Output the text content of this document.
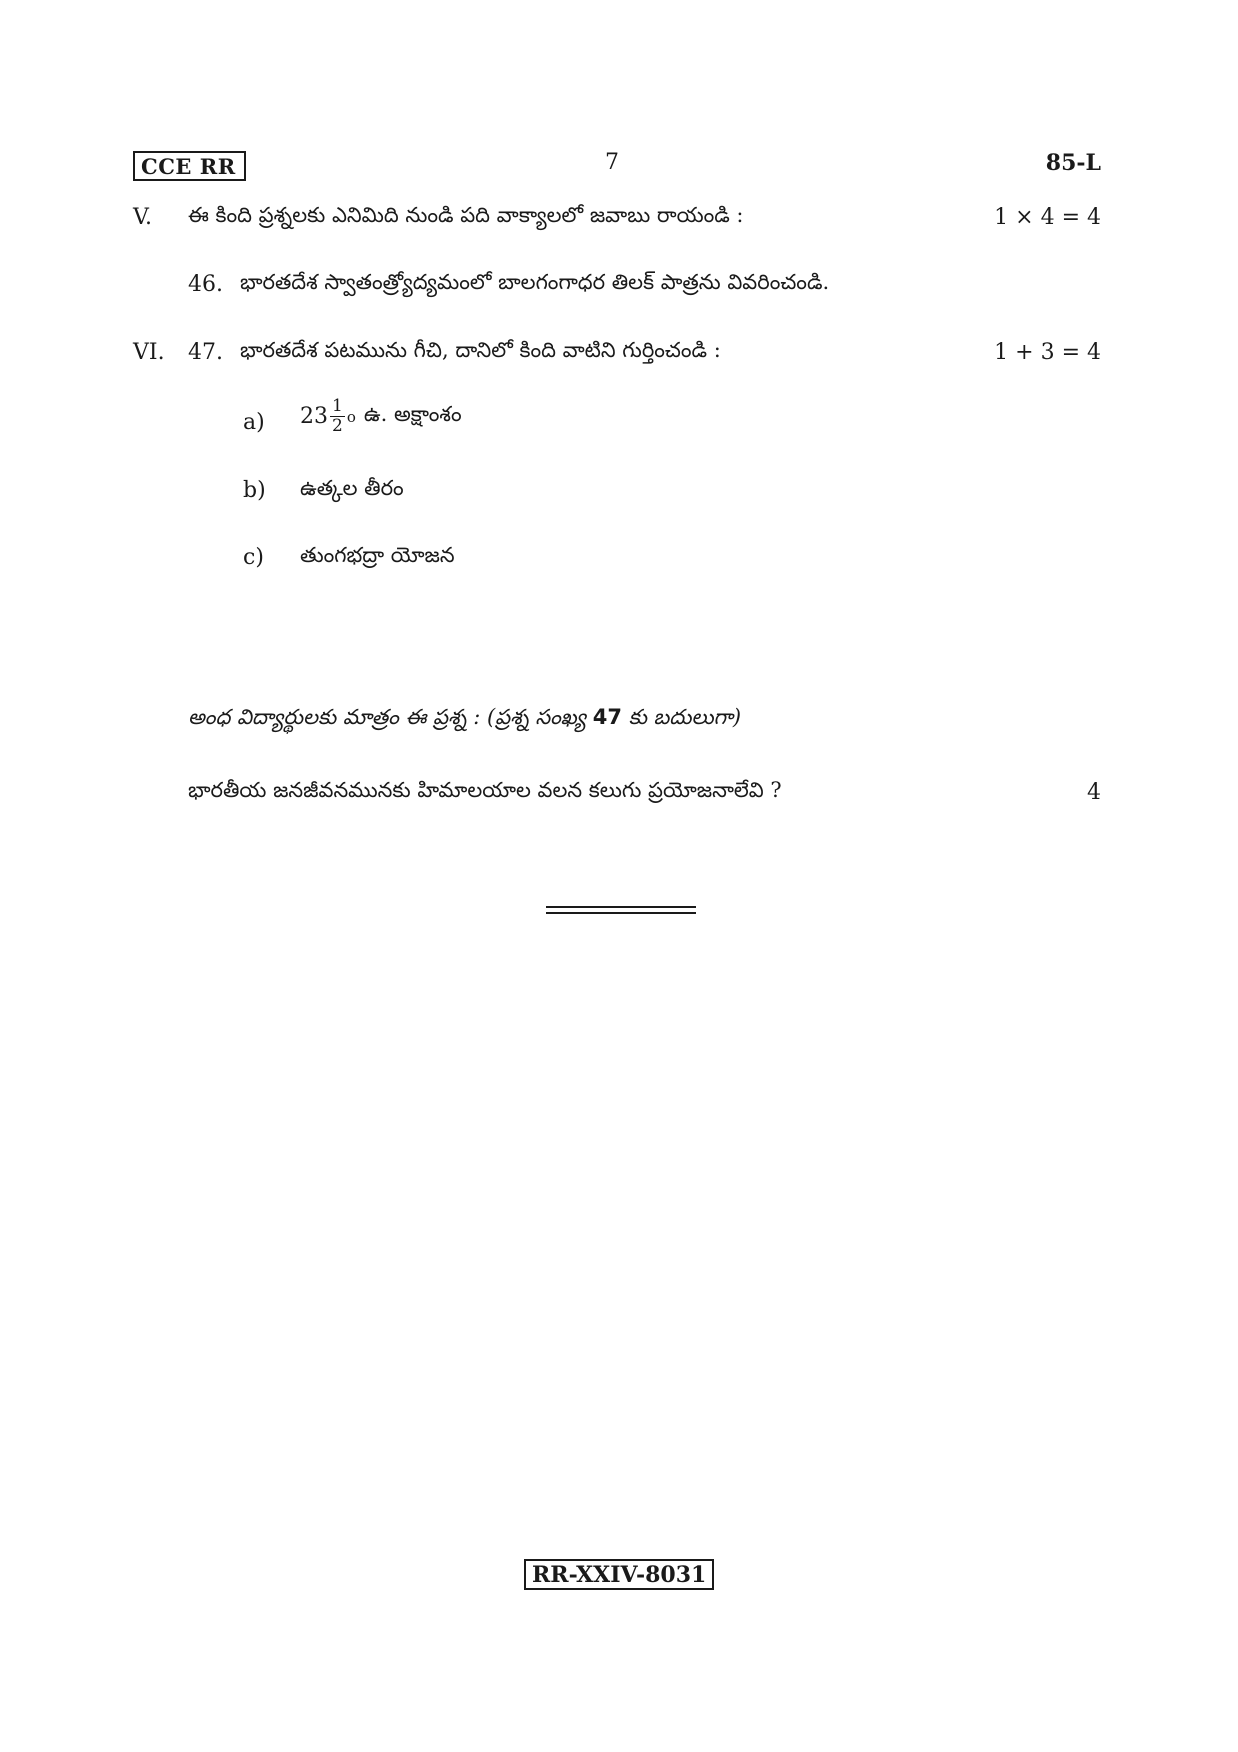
CCE RR	7	85-L
V. ఈ కింది ప్రశ్నలకు ఎనిమిది నుండి పది వాక్యాలలో జవాబు రాయండి :	1 × 4 = 4
46. భారతదేశ స్వాతంత్ర్యోద్యమంలో బాలగంగాధర తిలక్ పాత్రను వివరించండి.
VI. 47. భారతదేశ పటమును గీచి, దానిలో కింది వాటిని గుర్తించండి :	1 + 3 = 4
a) $23 \frac{1}{2}$ o ఉ. అక్షాంశం
b) ఉత్కల తీరం
c) తుంగభద్రా యోజన
అంధ విద్యార్థులకు మాత్రం ఈ ప్రశ్న : (ప్రశ్న సంఖ్య 47 కు బదులుగా)
భారతీయ జనజీవనమునకు హిమాలయాల వలన కలుగు ప్రయోజనాలేవి ?	4
RR-XXIV-8031
